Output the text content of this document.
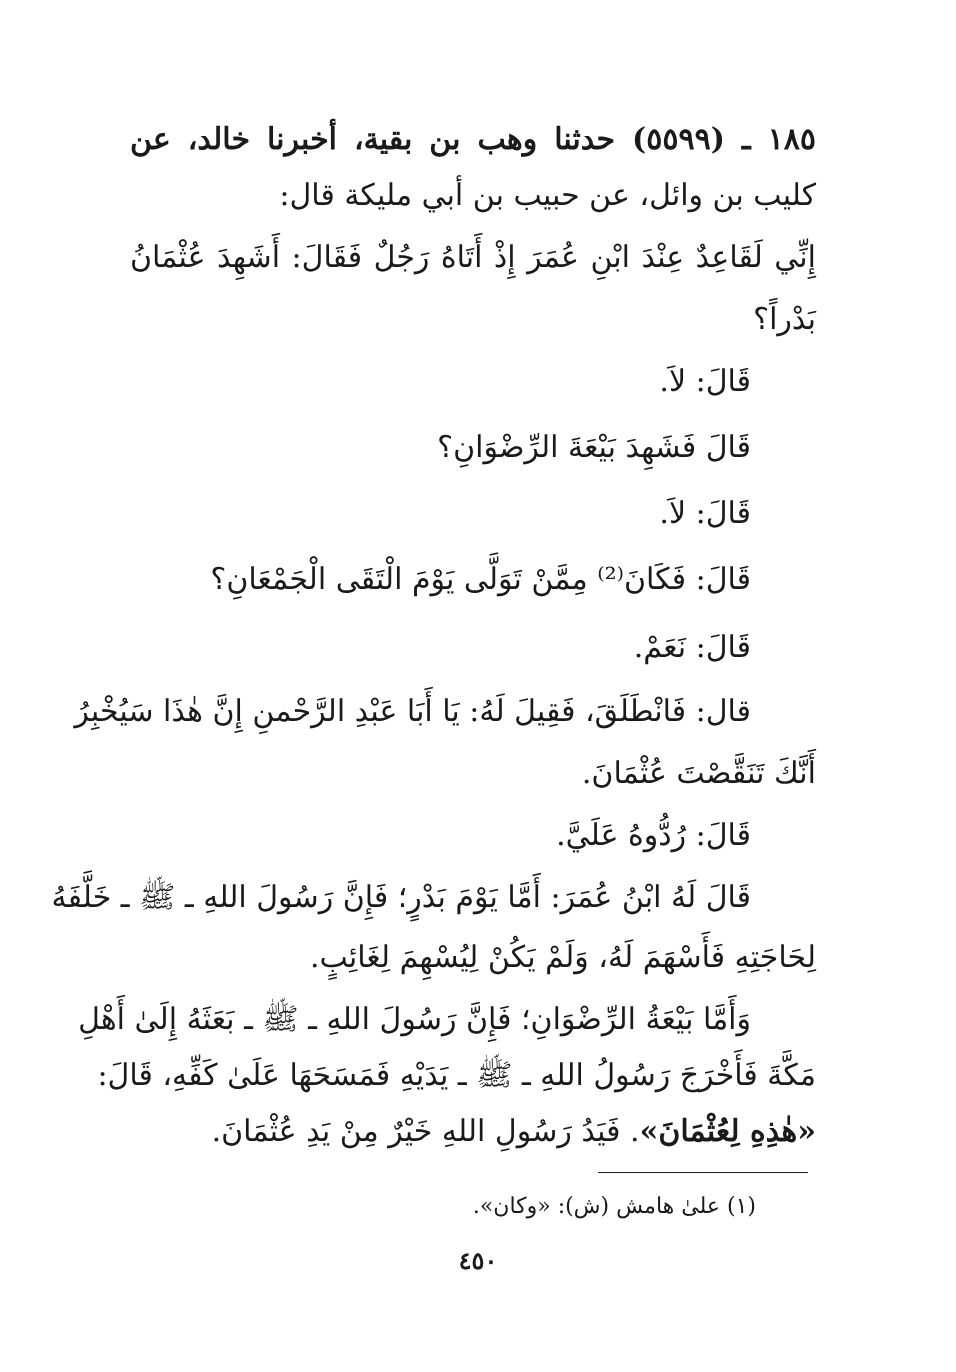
١٨٥ ـ (٥٥٩٩) حدثنا وهب بن بقية، أخبرنا خالد، عن
كليب بن وائل، عن حبيب بن أبي مليكة قال:
إِنِّي لَقَاعِدٌ عِنْدَ ابْنِ عُمَرَ إِذْ أَتَاهُ رَجُلٌ فَقَالَ: أَشَهِدَ عُثْمَانُ
بَدْراً؟
قَالَ: لاَ.
قَالَ فَشَهِدَ بَيْعَةَ الرِّضْوَانِ؟
قَالَ: لاَ.
قَالَ: فَكَانَ⁽²⁾ مِمَّنْ تَوَلَّى يَوْمَ الْتَقَى الْجَمْعَانِ؟
قَالَ: نَعَمْ.
قال: فَانْطَلَقَ، فَقِيلَ لَهُ: يَا أَبَا عَبْدِ الرَّحْمنِ إِنَّ هٰذَا سَيُخْبِرُ
أَنَّكَ تَنَقَّصْتَ عُثْمَانَ.
قَالَ: رُدُّوهُ عَلَيَّ.
قَالَ لَهُ ابْنُ عُمَرَ: أَمَّا يَوْمَ بَدْرٍ؛ فَإِنَّ رَسُولَ اللهِ ـ ﷺ ـ خَلَّفَهُ
لِحَاجَتِهِ فَأَسْهَمَ لَهُ، وَلَمْ يَكُنْ لِيُسْهِمَ لِغَائِبٍ.
وَأَمَّا بَيْعَةُ الرِّضْوَانِ؛ فَإِنَّ رَسُولَ اللهِ ـ ﷺ ـ بَعَثَهُ إِلَىٰ أَهْلِ
مَكَّةَ فَأَخْرَجَ رَسُولُ اللهِ ـ ﷺ ـ يَدَيْهِ فَمَسَحَهَا عَلَىٰ كَفِّهِ، قَالَ:
«هٰذِهِ لِعُثْمَانَ». فَيَدُ رَسُولِ اللهِ خَيْرٌ مِنْ يَدِ عُثْمَانَ.
(١) علىٰ هامش (ش): «وكان».
٤٥٠
